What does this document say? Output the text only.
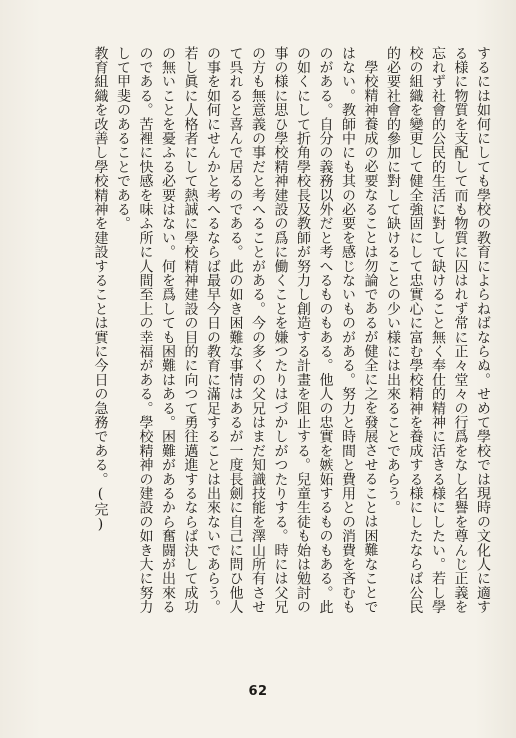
するには如何にしても學校の教育によらねばならぬ。せめて學校では現時の文化人に適する様に物質を支配して而も物質に囚はれず常に正々堂々の行爲をなし名譽を尊んじ正義を忘れず社會的公民的生活に對して缺けること無く奉仕的精神に活きる様にしたい。若し學校の組織を變更して健全強固にして忠實心に富む學校精神を養成する様にしたならば公民的必要社會的參加に對して缺けることの少い様には出來ることであらう。

學校精神養成の必要なることは勿論であるが健全に之を發展させることは困難なことではない。教師中にも其の必要を感じないものがある。努力と時間と費用との消費を吝むものがある。自分の義務以外だと考へるものもある。他人の忠實を嫉妬するものもある。此の如くにして折角學校長及教師が努力し創造する計畫を阻止する。兒童生徒も始は勉討の事の様に思ひ學校精神建設の爲に働くことを嫌つたりはづかしがつたりする。時には父兄の方も無意義の事だと考へることがある。今の多くの父兄はまだ知識技能を澤山所有させて呉れると喜んで居るのである。此の如き困難な事情はあるが一度長劍に自己に問ひ他人の事を如何にせんかと考へるならば最早今日の教育に滿足することは出來ないであらう。若し眞に人格者にして熱誠に學校精神建設の目的に向つて勇往邁進するならば決して成功の無いことを憂ふる必要はない。何を爲しても困難はある。困難があるから奮闘が出來るのである。苦裡に快感を味ふ所に人間至上の幸福がある。學校精神の建設の如き大に努力して甲斐のあることである。

教育組織を改善し學校精神を建設することは實に今日の急務である。(完)

62
